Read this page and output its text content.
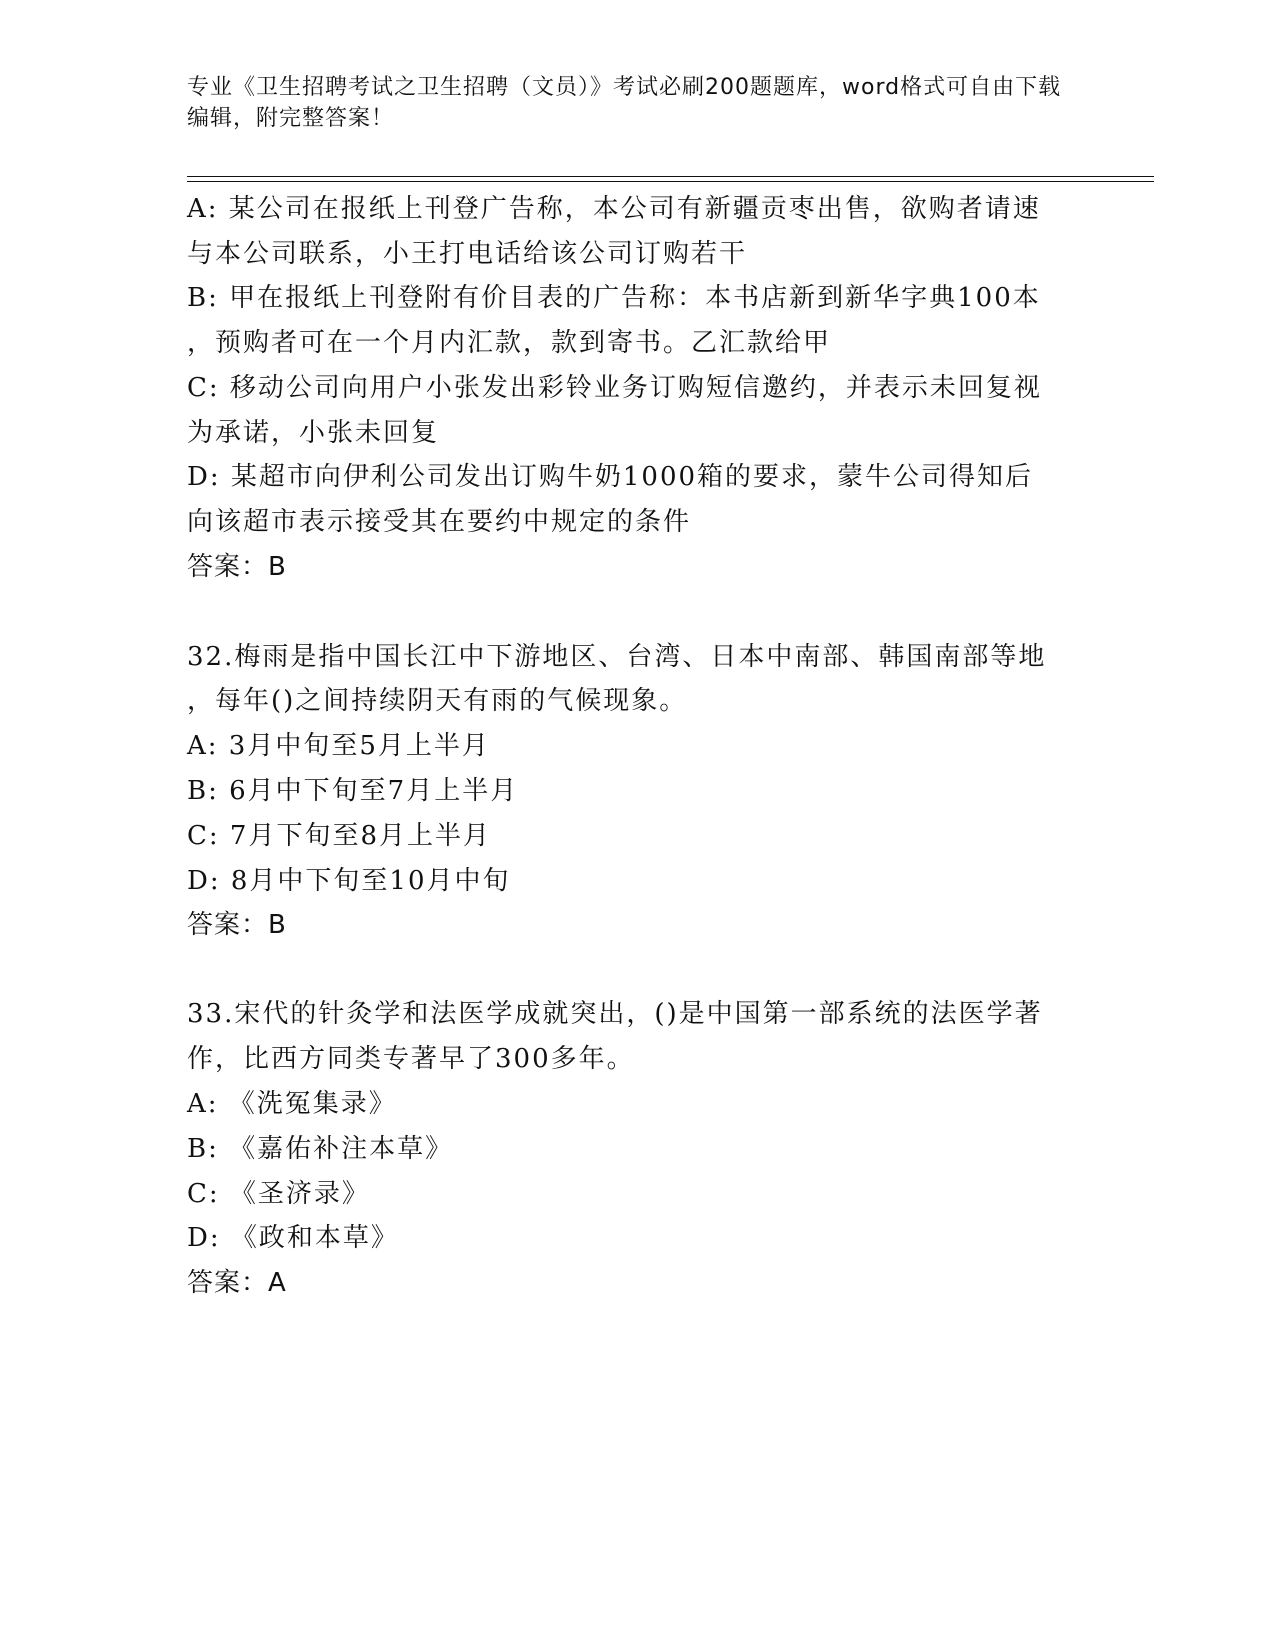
专业《卫生招聘考试之卫生招聘（文员）》考试必刷200题题库，word格式可自由下载编辑，附完整答案！
A: 某公司在报纸上刊登广告称，本公司有新疆贡枣出售，欲购者请速
与本公司联系，小王打电话给该公司订购若干
B: 甲在报纸上刊登附有价目表的广告称：本书店新到新华字典100本
，预购者可在一个月内汇款，款到寄书。乙汇款给甲
C: 移动公司向用户小张发出彩铃业务订购短信邀约，并表示未回复视
为承诺，小张未回复
D: 某超市向伊利公司发出订购牛奶1000箱的要求，蒙牛公司得知后
向该超市表示接受其在要约中规定的条件
答案：B
32.梅雨是指中国长江中下游地区、台湾、日本中南部、韩国南部等地
，每年()之间持续阴天有雨的气候现象。
A: 3月中旬至5月上半月
B: 6月中下旬至7月上半月
C: 7月下旬至8月上半月
D: 8月中下旬至10月中旬
答案：B
33.宋代的针灸学和法医学成就突出，()是中国第一部系统的法医学著
作，比西方同类专著早了300多年。
A: 《洗冤集录》
B: 《嘉佑补注本草》
C: 《圣济录》
D: 《政和本草》
答案：A
